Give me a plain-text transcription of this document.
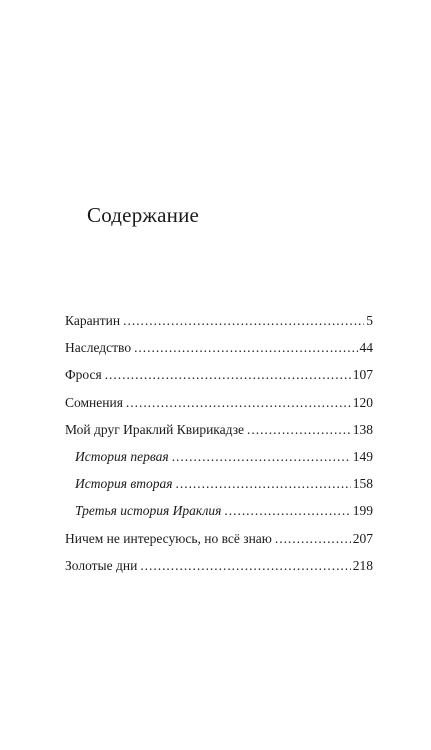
Содержание
Карантин . . .	5
Наследство . . .	44
Фрося . . .	107
Сомнения . . .	120
Мой друг Ираклий Квирикадзе . . .	138
История первая . . .	149
История вторая . . .	158
Третья история Ираклия . . .	199
Ничем не интересуюсь, но всё знаю . . .	207
Золотые дни . . .	218
